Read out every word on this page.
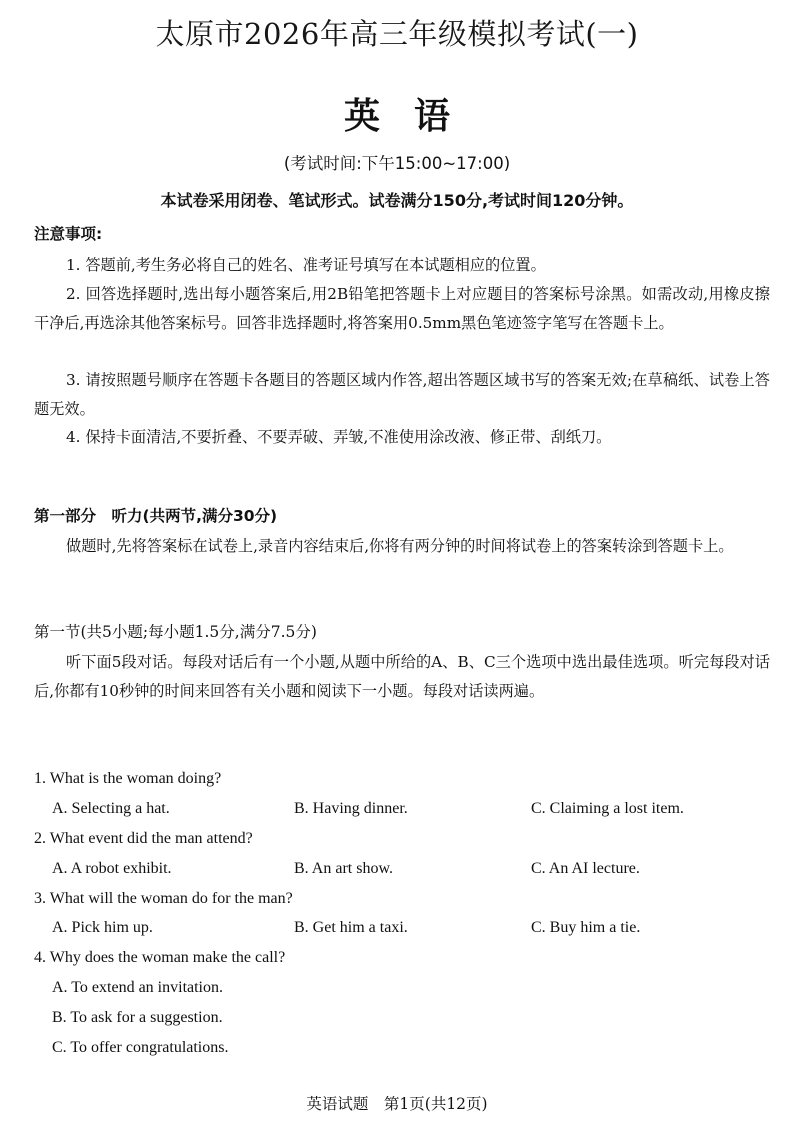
太原市2026年高三年级模拟考试(一)
英语
(考试时间:下午15:00~17:00)
本试卷采用闭卷、笔试形式。试卷满分150分,考试时间120分钟。
注意事项:
1. 答题前,考生务必将自己的姓名、准考证号填写在本试题相应的位置。
2. 回答选择题时,选出每小题答案后,用2B铅笔把答题卡上对应题目的答案标号涂黑。如需改动,用橡皮擦干净后,再选涂其他答案标号。回答非选择题时,将答案用0.5mm黑色笔迹签字笔写在答题卡上。
3. 请按照题号顺序在答题卡各题目的答题区域内作答,超出答题区域书写的答案无效;在草稿纸、试卷上答题无效。
4. 保持卡面清洁,不要折叠、不要弄破、弄皱,不准使用涂改液、修正带、刮纸刀。
第一部分　听力(共两节,满分30分)
做题时,先将答案标在试卷上,录音内容结束后,你将有两分钟的时间将试卷上的答案转涂到答题卡上。
第一节(共5小题;每小题1.5分,满分7.5分)
听下面5段对话。每段对话后有一个小题,从题中所给的A、B、C三个选项中选出最佳选项。听完每段对话后,你都有10秒钟的时间来回答有关小题和阅读下一小题。每段对话读两遍。
1. What is the woman doing?
A. Selecting a hat.	B. Having dinner.	C. Claiming a lost item.
2. What event did the man attend?
A. A robot exhibit.	B. An art show.	C. An AI lecture.
3. What will the woman do for the man?
A. Pick him up.	B. Get him a taxi.	C. Buy him a tie.
4. Why does the woman make the call?
A. To extend an invitation.
B. To ask for a suggestion.
C. To offer congratulations.
英语试题　第1页(共12页)
